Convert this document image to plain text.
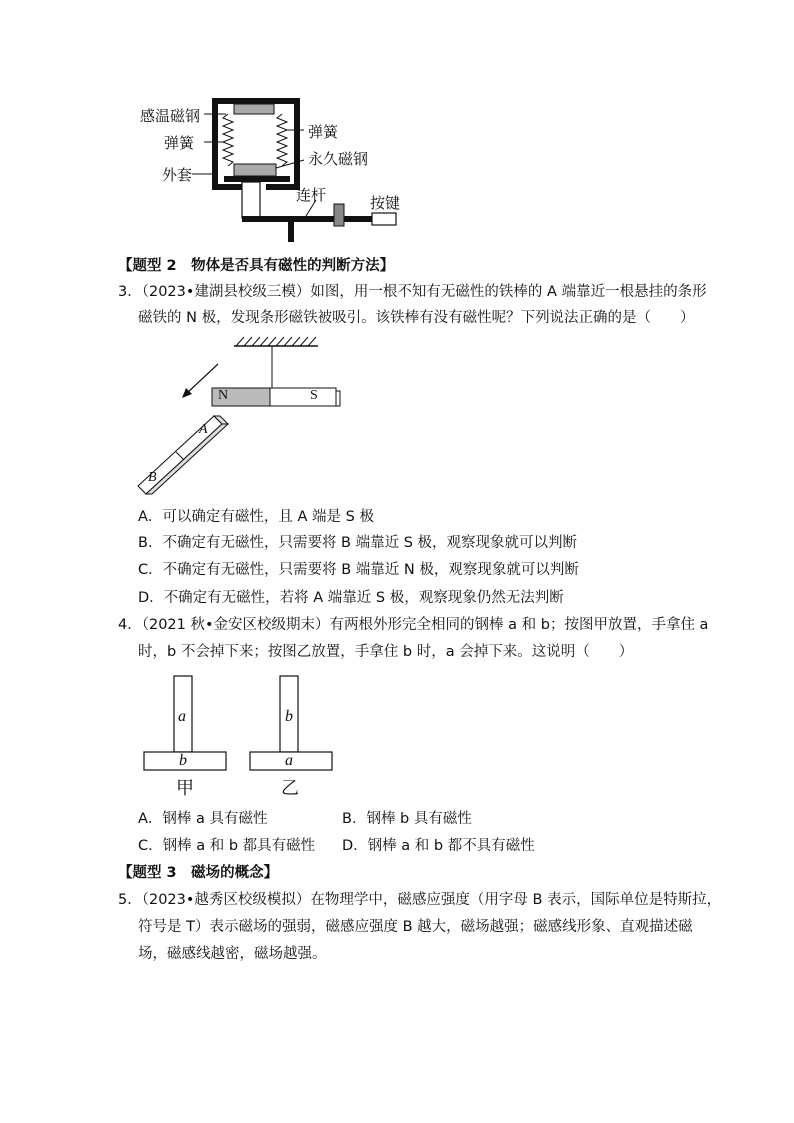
感温磁钢
弹簧
外套
弹簧
永久磁钢
连杆	按键
【题型 2　物体是否具有磁性的判断方法】
3．（2023•建湖县校级三模）如图，用一根不知有无磁性的铁棒的 A 端靠近一根悬挂的条形
磁铁的 N 极，发现条形磁铁被吸引。该铁棒有没有磁性呢？下列说法正确的是（　　）
N	S
A
B
A．可以确定有磁性，且 A 端是 S 极
B．不确定有无磁性，只需要将 B 端靠近 S 极，观察现象就可以判断
C．不确定有无磁性，只需要将 B 端靠近 N 极，观察现象就可以判断
D．不确定有无磁性，若将 A 端靠近 S 极，观察现象仍然无法判断
4．（2021 秋•金安区校级期末）有两根外形完全相同的钢棒 a 和 b；按图甲放置，手拿住 a
时，b 不会掉下来；按图乙放置，手拿住 b 时，a 会掉下来。这说明（　　）
a
b
甲
b
a
乙
A．钢棒 a 具有磁性	B．钢棒 b 具有磁性
C．钢棒 a 和 b 都具有磁性 D．钢棒 a 和 b 都不具有磁性
【题型 3　磁场的概念】
5．（2023•越秀区校级模拟）在物理学中，磁感应强度（用字母 B 表示，国际单位是特斯拉，
符号是 T）表示磁场的强弱，磁感应强度 B 越大，磁场越强；磁感线形象、直观描述磁
场，磁感线越密，磁场越强。
